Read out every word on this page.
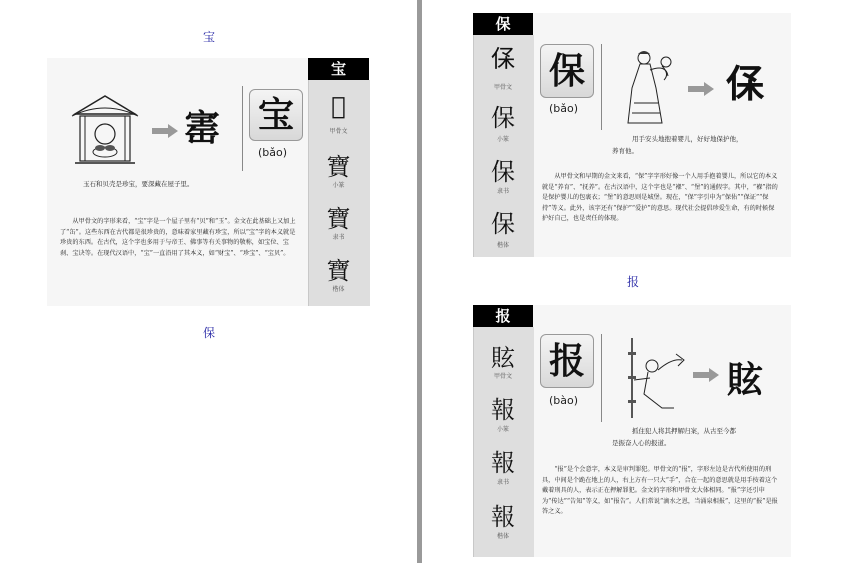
宝
宝
𡧧
甲骨文
寶
小篆
寶
隶书
寶
楷体
寚 宝
(bǎo)
玉石和贝壳是珍宝，要深藏在屋子里。
从甲骨文的字形来看，“宝”字是一个屋子里有“贝”和“玉”。金文在此基础上又加上了“缶”。这些东西在古代都是很珍贵的，意味着家里藏有珍宝，所以“宝”字的本义就是珍贵的东西。在古代，这个字也多用于与帝王、佛事等有关事物的敬称，如宝位、宝刹、宝诀等。在现代汉语中，“宝”一直沿用了其本义，如“财宝”、“珍宝”、“宝贝”。
保
保
𠈃
甲骨文
保
小篆
保
隶书
保
楷体
保
(bǎo)
𠈃
用手安头地抱着婴儿，好好地保护他，
养育他。
从甲骨文和早期的金文来看，“保”字字形好像一个人用手抱着婴儿，所以它的本义就是“养育”、“抚养”。在古汉语中，这个字也是“褓”、“堡”的通假字。其中，“褓”指的是保护婴儿的包裹衣；“堡”的意思则是城堡。现在，“保”字引申为“保佑”“保证”“保持”等义。此外，该字还有“保护”“爱护”的意思。现代社会提倡珍爱生命，有的时候保护好自己，也是责任的体现。
报
报
䝮
甲骨文
報
小篆
報
隶书
報
楷体
报
(bào)	䝮
抓住犯人将其押解归案，从古至今都
是振奋人心的报道。
“报”是个会意字，本义是审判罪犯。甲骨文的“报”，字形左边是古代所使用的刑具，中间是个跪在地上的人，右上方有一只大“手”，合在一起的意思就是用手按着这个戴着刑具的人，表示正在押解罪犯。金文的字形和甲骨文大体相同。“报”字还引申为“传达”“告知”等义，如“报告”。人们常说“滴水之恩，当涌泉相报”，这里的“报”是报答之义。
